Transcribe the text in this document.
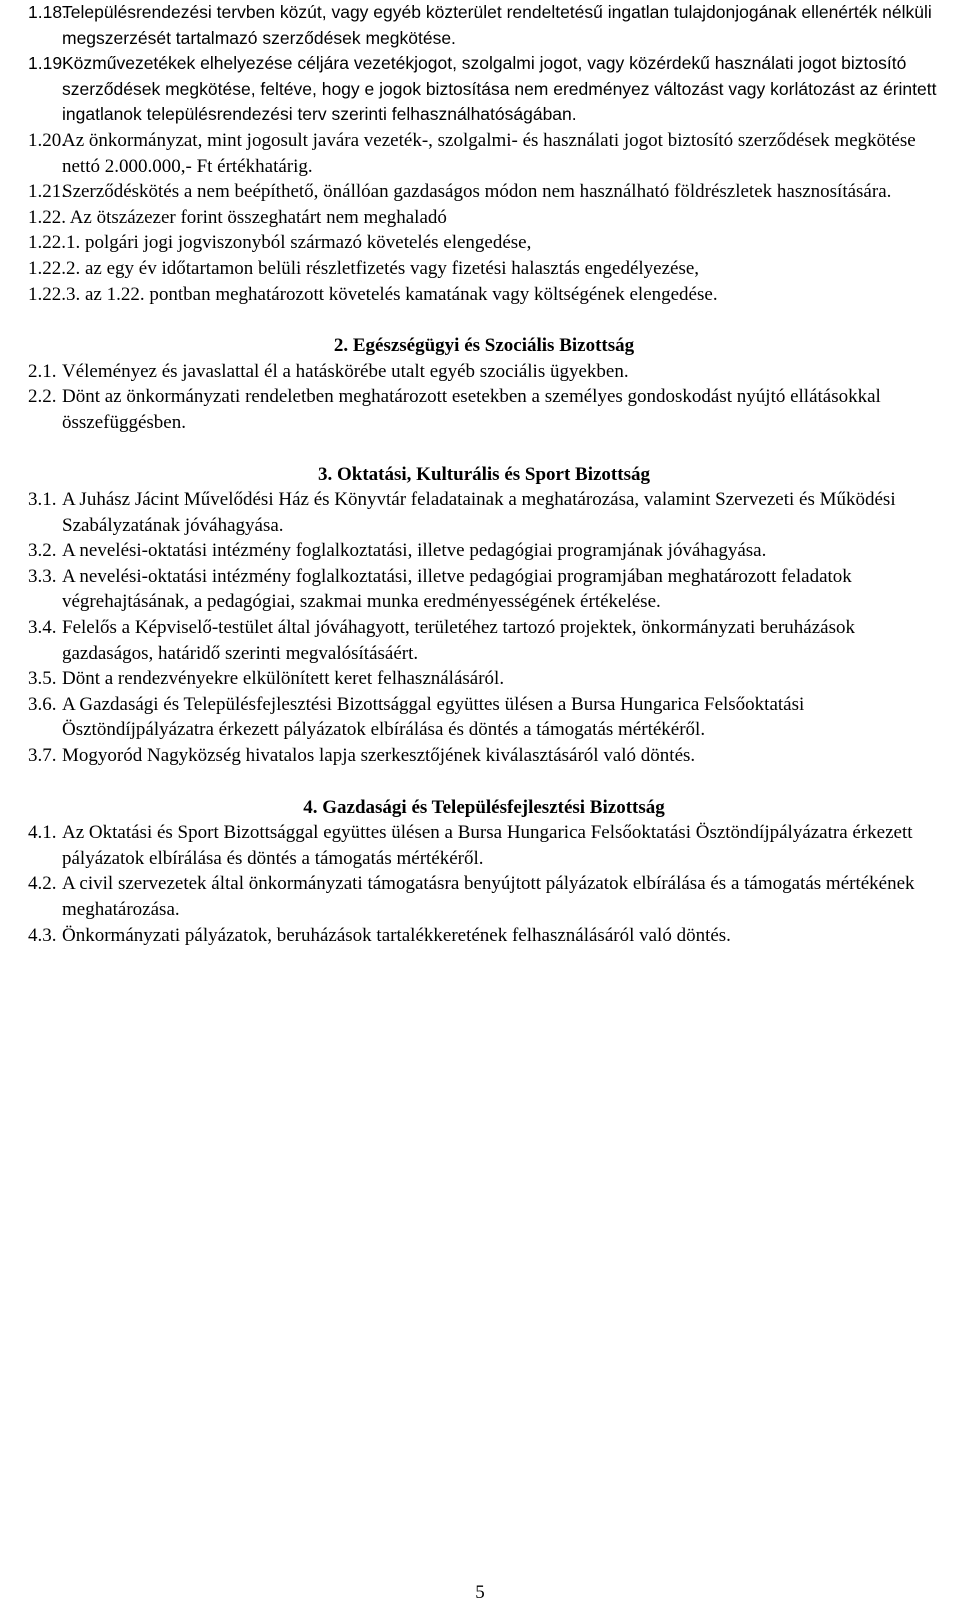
1.18.
Településrendezési tervben közút, vagy egyéb közterület rendeltetésű ingatlan tulajdonjogának ellenérték nélküli megszerzését tartalmazó szerződések megkötése.
1.19.
Közművezetékek elhelyezése céljára vezetékjogot, szolgalmi jogot, vagy közérdekű használati jogot biztosító szerződések megkötése, feltéve, hogy e jogok biztosítása nem eredményez változást vagy korlátozást az érintett ingatlanok településrendezési terv szerinti felhasználhatóságában.
1.20.
Az önkormányzat, mint jogosult javára vezeték-, szolgalmi- és használati jogot biztosító szerződések megkötése nettó 2.000.000,- Ft értékhatárig.
1.21.
Szerződéskötés a nem beépíthető, önállóan gazdaságos módon nem használható földrészletek hasznosítására.
1.22. Az ötszázezer forint összeghatárt nem meghaladó
1.22.1. polgári jogi jogviszonyból származó követelés elengedése,
1.22.2. az egy év időtartamon belüli részletfizetés vagy fizetési halasztás engedélyezése,
1.22.3. az 1.22. pontban meghatározott követelés kamatának vagy költségének elengedése.
2. Egészségügyi és Szociális Bizottság
2.1. Véleményez és javaslattal él a hatáskörébe utalt egyéb szociális ügyekben.
2.2. Dönt az önkormányzati rendeletben meghatározott esetekben a személyes gondoskodást nyújtó ellátásokkal összefüggésben.
3. Oktatási, Kulturális és Sport Bizottság
3.1. A Juhász Jácint Művelődési Ház és Könyvtár feladatainak a meghatározása, valamint Szervezeti és Működési Szabályzatának jóváhagyása.
3.2. A nevelési-oktatási intézmény foglalkoztatási, illetve pedagógiai programjának jóváhagyása.
3.3. A nevelési-oktatási intézmény foglalkoztatási, illetve pedagógiai programjában meghatározott feladatok végrehajtásának, a pedagógiai, szakmai munka eredményességének értékelése.
3.4. Felelős a Képviselő-testület által jóváhagyott, területéhez tartozó projektek, önkormányzati beruházások gazdaságos, határidő szerinti megvalósításáért.
3.5. Dönt a rendezvényekre elkülönített keret felhasználásáról.
3.6. A Gazdasági és Településfejlesztési Bizottsággal együttes ülésen a Bursa Hungarica Felsőoktatási Ösztöndíjpályázatra érkezett pályázatok elbírálása és döntés a támogatás mértékéről.
3.7. Mogyoród Nagyközség hivatalos lapja szerkesztőjének kiválasztásáról való döntés.
4. Gazdasági és Településfejlesztési Bizottság
4.1. Az Oktatási és Sport Bizottsággal együttes ülésen a Bursa Hungarica Felsőoktatási Ösztöndíjpályázatra érkezett pályázatok elbírálása és döntés a támogatás mértékéről.
4.2. A civil szervezetek által önkormányzati támogatásra benyújtott pályázatok elbírálása és a támogatás mértékének meghatározása.
4.3. Önkormányzati pályázatok, beruházások tartalékkeretének felhasználásáról való döntés.
5
